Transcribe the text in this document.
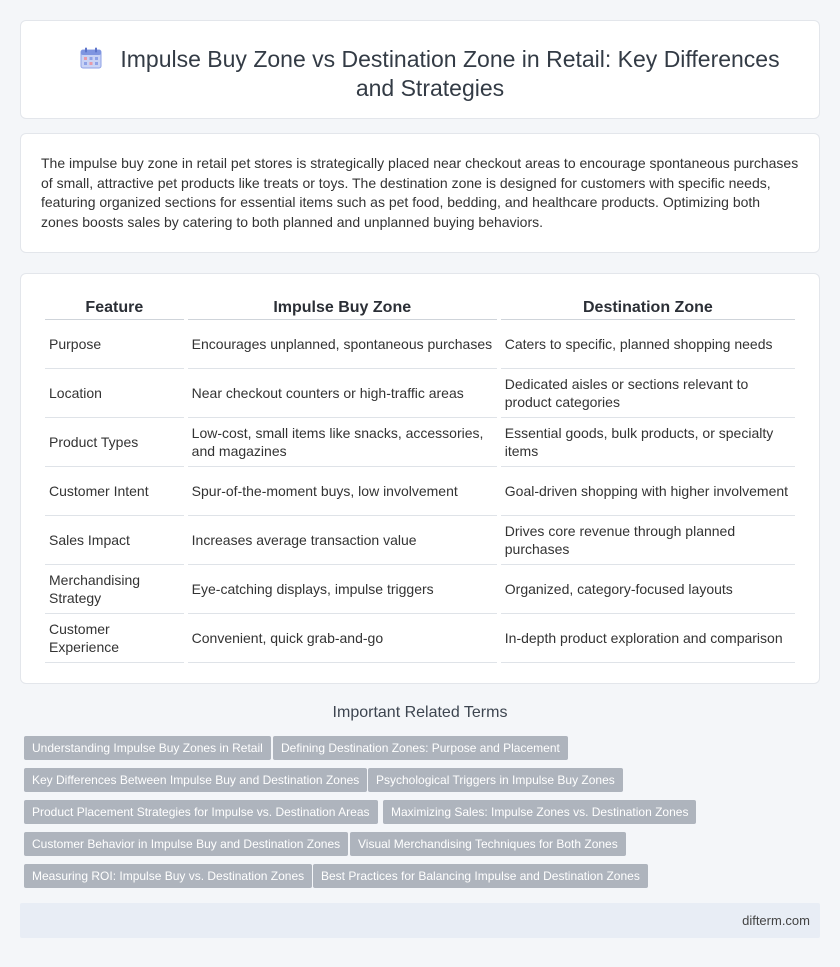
Impulse Buy Zone vs Destination Zone in Retail: Key Differences and Strategies

The impulse buy zone in retail pet stores is strategically placed near checkout areas to encourage spontaneous purchases of small, attractive pet products like treats or toys. The destination zone is designed for customers with specific needs, featuring organized sections for essential items such as pet food, bedding, and healthcare products. Optimizing both zones boosts sales by catering to both planned and unplanned buying behaviors.

Feature	Impulse Buy Zone	Destination Zone
Purpose	Encourages unplanned, spontaneous purchases	Caters to specific, planned shopping needs
Location	Near checkout counters or high-traffic areas	Dedicated aisles or sections relevant to product categories
Product Types	Low-cost, small items like snacks, accessories, and magazines	Essential goods, bulk products, or specialty items
Customer Intent	Spur-of-the-moment buys, low involvement	Goal-driven shopping with higher involvement
Sales Impact	Increases average transaction value	Drives core revenue through planned purchases
Merchandising Strategy	Eye-catching displays, impulse triggers	Organized, category-focused layouts
Customer Experience	Convenient, quick grab-and-go	In-depth product exploration and comparison
Important Related Terms
Understanding Impulse Buy Zones in Retail	Defining Destination Zones: Purpose and Placement
Key Differences Between Impulse Buy and Destination Zones	Psychological Triggers in Impulse Buy Zones
Product Placement Strategies for Impulse vs. Destination Areas	Maximizing Sales: Impulse Zones vs. Destination Zones
Customer Behavior in Impulse Buy and Destination Zones	Visual Merchandising Techniques for Both Zones
Measuring ROI: Impulse Buy vs. Destination Zones	Best Practices for Balancing Impulse and Destination Zones
difterm.com
